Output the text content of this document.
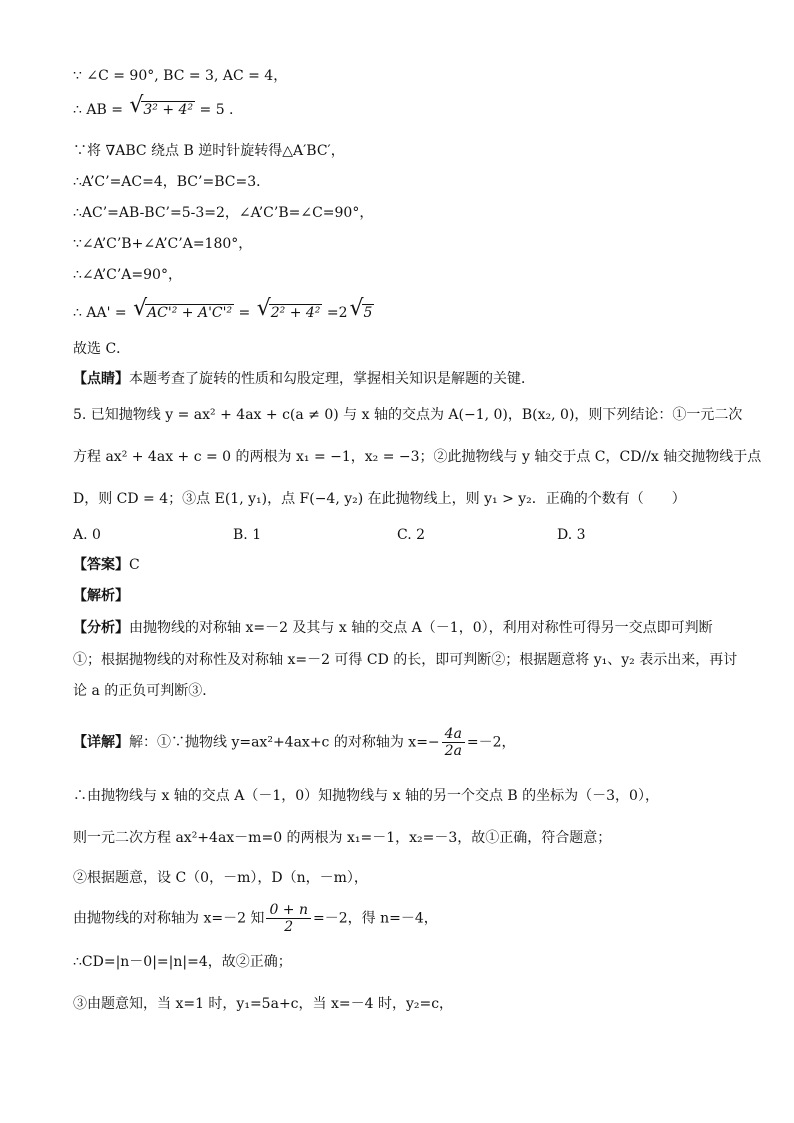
∵ ∠C = 90°, BC = 3, AC = 4，
∴ AB = √ 3² + 4² = 5 .
∵将 ∇ABC 绕点 B 逆时针旋转得△A′BC′，
∴A’C’=AC=4，BC’=BC=3．
∴AC’=AB-BC’=5-3=2，∠A’C’B=∠C=90°，
∵∠A’C’B+∠A’C’A=180°，
∴∠A’C’A=90°，
∴ AA' = √ AC'² + A'C'² = √ 2² + 4² =2√ 5
故选 C．
【点睛】本题考查了旋转的性质和勾股定理，掌握相关知识是解题的关键．
5. 已知抛物线 y = ax² + 4ax + c(a ≠ 0) 与 x 轴的交点为 A(−1, 0)，B(x₂, 0)，则下列结论：①一元二次
方程 ax² + 4ax + c = 0 的两根为 x₁ = −1，x₂ = −3；②此抛物线与 y 轴交于点 C，CD//x 轴交抛物线于点
D，则 CD = 4；③点 E(1, y₁)，点 F(−4, y₂) 在此抛物线上，则 y₁ > y₂．正确的个数有（　　）
A. 0	B. 1	C. 2	D. 3
【答案】C
【解析】
【分析】由抛物线的对称轴 x=－2 及其与 x 轴的交点 A（－1，0），利用对称性可得另一交点即可判断
①；根据抛物线的对称性及对称轴 x=－2 可得 CD 的长，即可判断②；根据题意将 y₁、y₂ 表示出来，再讨
论 a 的正负可判断③．
【详解】解：①∵抛物线 y=ax²+4ax+c 的对称轴为 $x=- \frac{4a}{2a} =-2$，
∴由抛物线与 x 轴的交点 A（－1，0）知抛物线与 x 轴的另一个交点 B 的坐标为（－3，0），
则一元二次方程 ax²+4ax－m=0 的两根为 x₁=－1，x₂=－3，故①正确，符合题意；
②根据题意，设 C（0，－m），D（n，－m），
由抛物线的对称轴为 x=－2 知 $\frac{0 + n}{2} =-2$，得 n=－4，
∴CD=|n－0|=|n|=4，故②正确；
③由题意知，当 x=1 时，y₁=5a+c，当 x=－4 时，y₂=c，
